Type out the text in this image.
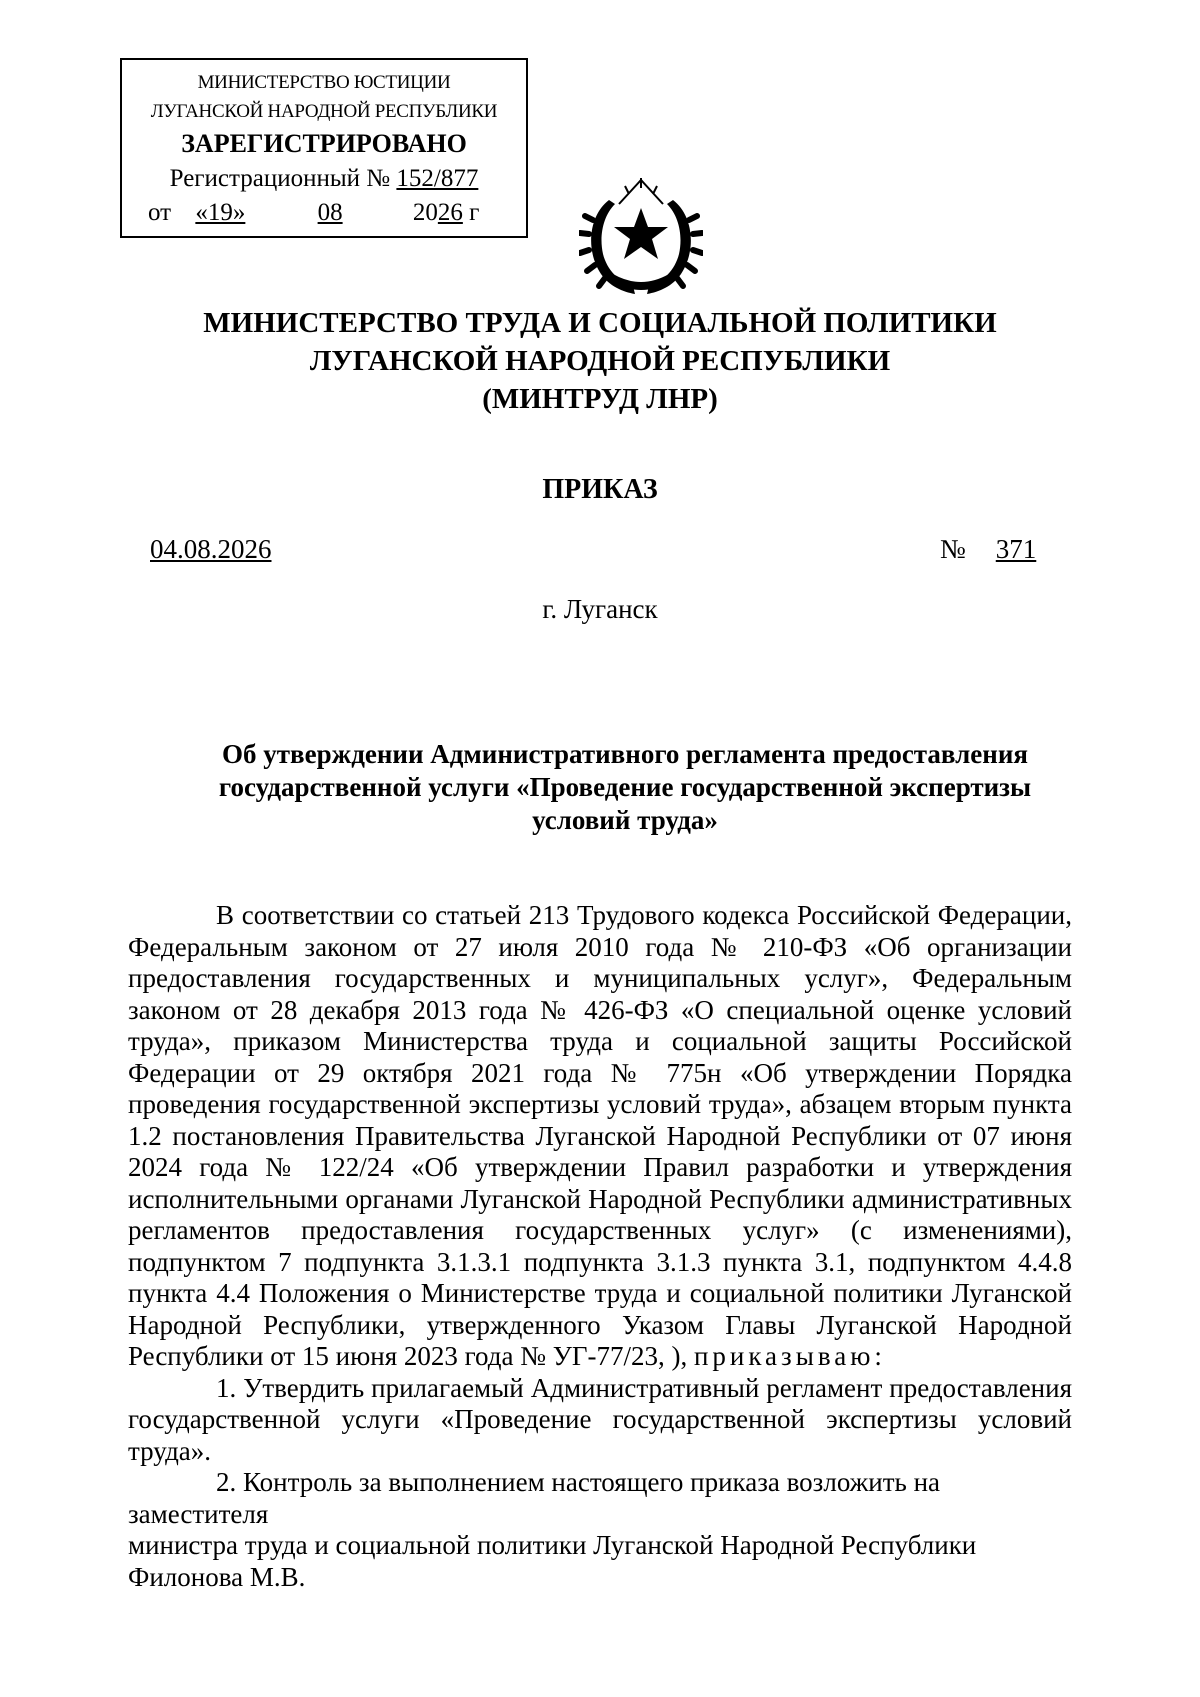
МИНИСТЕРСТВО ЮСТИЦИИ
ЛУГАНСКОЙ НАРОДНОЙ РЕСПУБЛИКИ
ЗАРЕГИСТРИРОВАНО
Регистрационный № 152/877
от «19»	08	2026 г
МИНИСТЕРСТВО ТРУДА И СОЦИАЛЬНОЙ ПОЛИТИКИ
ЛУГАНСКОЙ НАРОДНОЙ РЕСПУБЛИКИ
(МИНТРУД ЛНР)
ПРИКАЗ
04.08.2026	№ 371
г. Луганск
Об утверждении Административного регламента предоставления
государственной услуги «Проведение государственной экспертизы
условий труда»

В соответствии со статьей 213 Трудового кодекса Российской Федерации, Федеральным законом от 27 июля 2010 года № 210-ФЗ «Об организации предоставления государственных и муниципальных услуг», Федеральным законом от 28 декабря 2013 года № 426-ФЗ «О специальной оценке условий труда», приказом Министерства труда и социальной защиты Российской Федерации от 29 октября 2021 года № 775н «Об утверждении Порядка проведения государственной экспертизы условий труда», абзацем вторым пункта 1.2 постановления Правительства Луганской Народной Республики от 07 июня 2024 года № 122/24 «Об утверждении Правил разработки и утверждения исполнительными органами Луганской Народной Республики административных регламентов предоставления государственных услуг» (с изменениями), подпунктом 7 подпункта 3.1.3.1 подпункта 3.1.3 пункта 3.1, подпунктом 4.4.8 пункта 4.4 Положения о Министерстве труда и социальной политики Луганской Народной Республики, утвержденного Указом Главы Луганской Народной Республики от 15 июня 2023 года № УГ-77/23, ), приказываю:

1. Утвердить прилагаемый Административный регламент предоставления государственной услуги «Проведение государственной экспертизы условий труда».

2. Контроль за выполнением настоящего приказа возложить на заместителя

министра труда и социальной политики Луганской Народной Республики
Филонова М.В.
